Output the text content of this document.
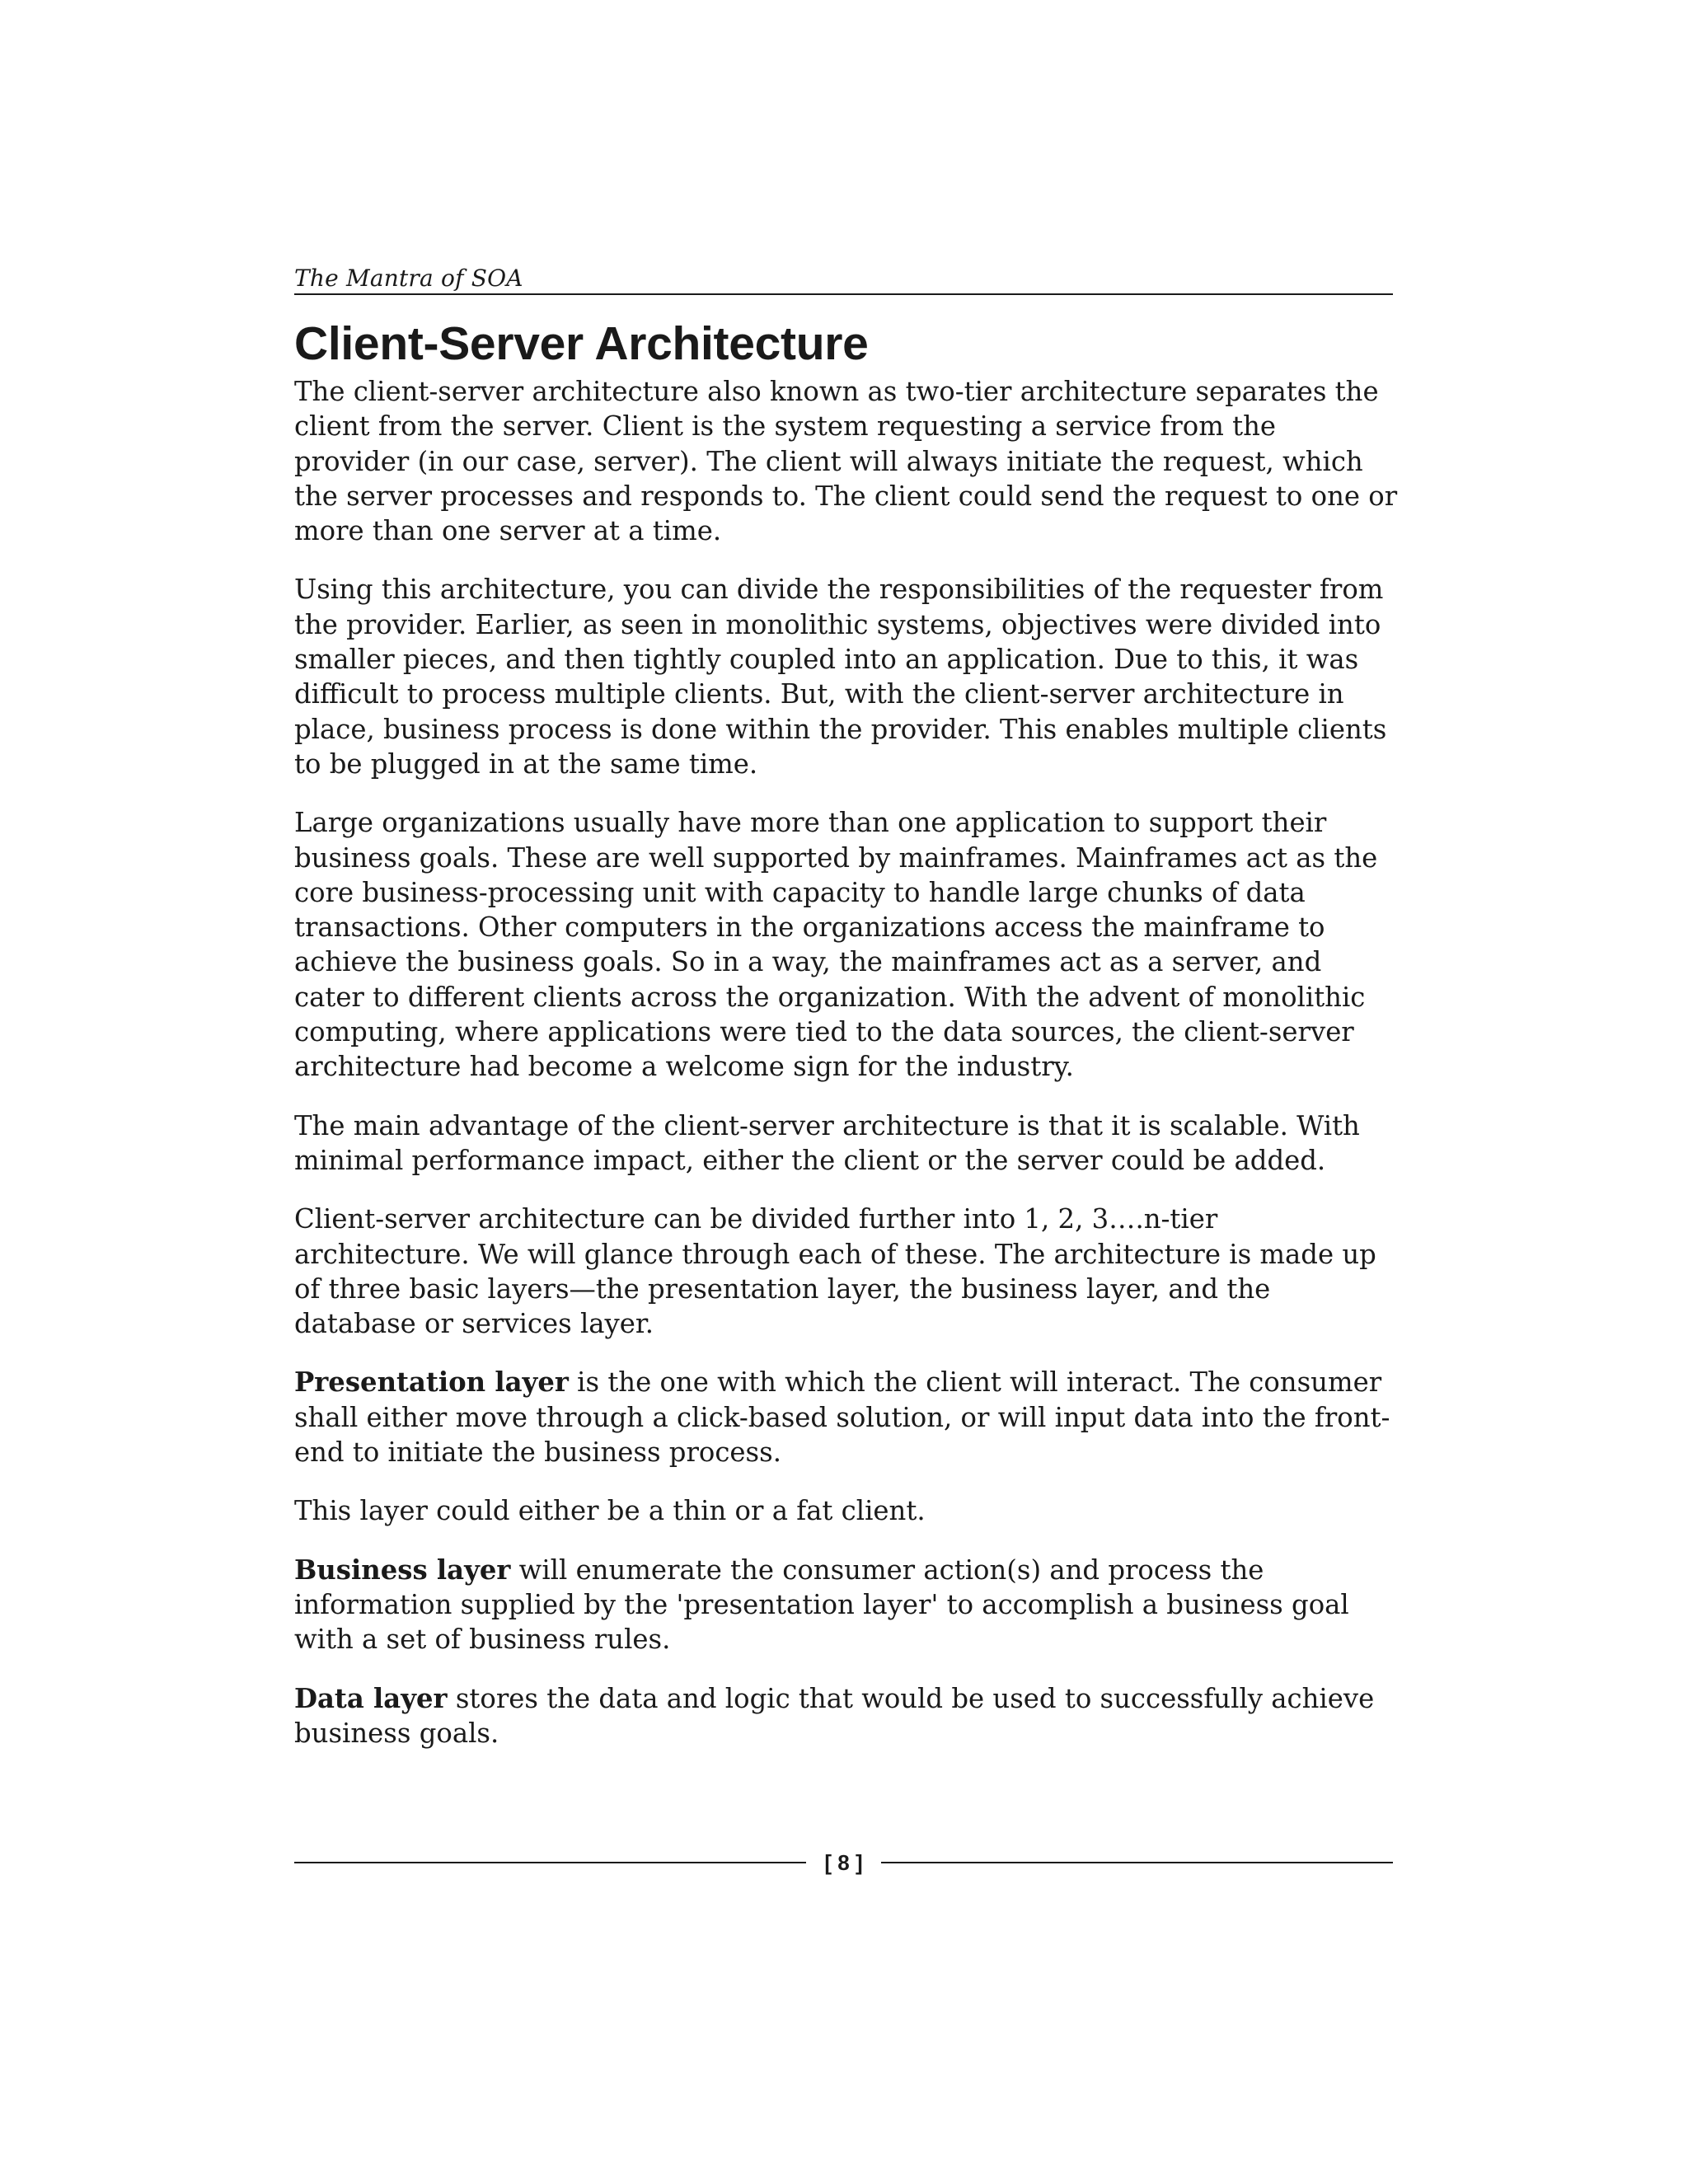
The Mantra of SOA
Client-Server Architecture

The client-server architecture also known as two-tier architecture separates the client from the server. Client is the system requesting a service from the provider (in our case, server). The client will always initiate the request, which the server processes and responds to. The client could send the request to one or more than one server at a time.

Using this architecture, you can divide the responsibilities of the requester from the provider. Earlier, as seen in monolithic systems, objectives were divided into smaller pieces, and then tightly coupled into an application. Due to this, it was difficult to process multiple clients. But, with the client-server architecture in place, business process is done within the provider. This enables multiple clients to be plugged in at the same time.

Large organizations usually have more than one application to support their business goals. These are well supported by mainframes. Mainframes act as the core business-processing unit with capacity to handle large chunks of data transactions. Other computers in the organizations access the mainframe to achieve the business goals. So in a way, the mainframes act as a server, and cater to different clients across the organization. With the advent of monolithic computing, where applications were tied to the data sources, the client-server architecture had become a welcome sign for the industry.

The main advantage of the client-server architecture is that it is scalable. With minimal performance impact, either the client or the server could be added.

Client-server architecture can be divided further into 1, 2, 3….n-tier architecture. We will glance through each of these. The architecture is made up of three basic layers—the presentation layer, the business layer, and the database or services layer.

Presentation layer is the one with which the client will interact. The consumer shall either move through a click-based solution, or will input data into the front-end to initiate the business process.

This layer could either be a thin or a fat client.

Business layer will enumerate the consumer action(s) and process the information supplied by the 'presentation layer' to accomplish a business goal with a set of business rules.

Data layer stores the data and logic that would be used to successfully achieve business goals.

[ 8 ]
